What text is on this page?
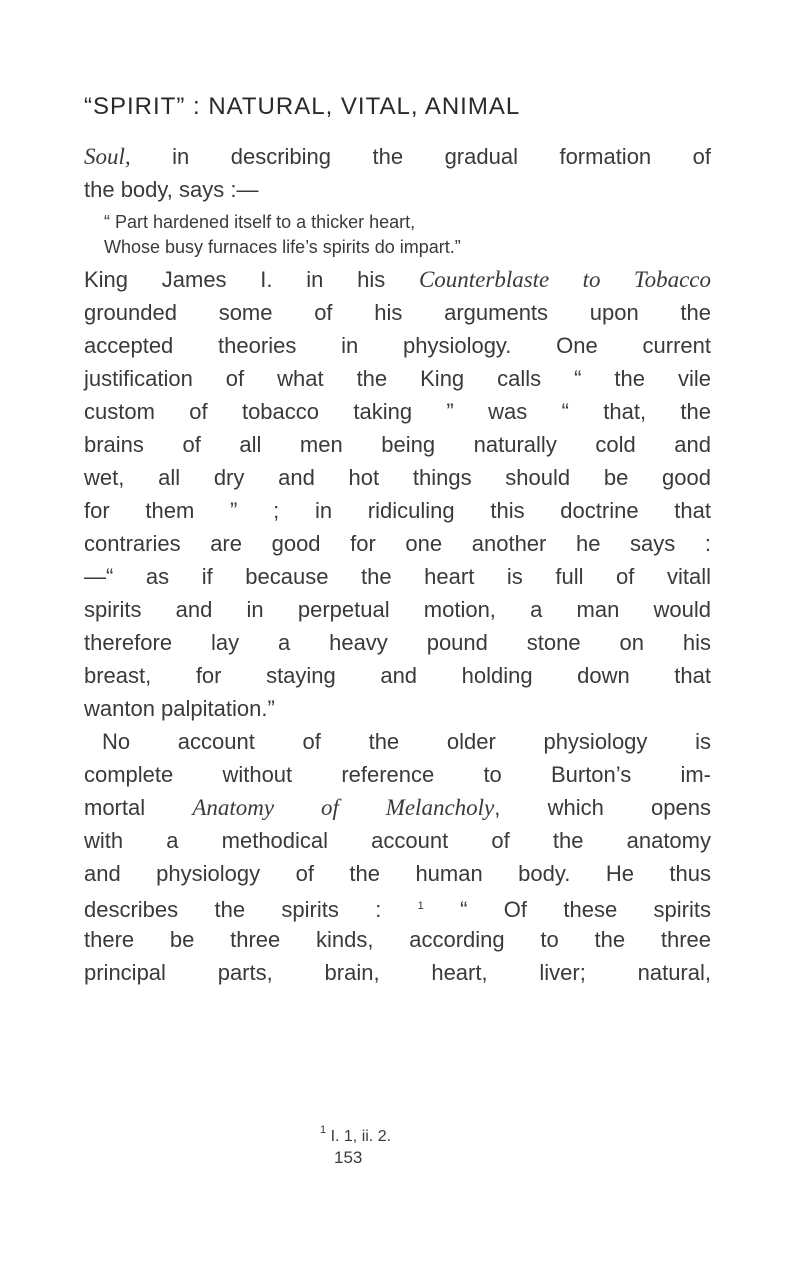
“SPIRIT” : NATURAL, VITAL, ANIMAL
Soul, in describing the gradual formation of
the body, says :—
“ Part hardened itself to a thicker heart,
Whose busy furnaces life’s spirits do impart.”
King James I. in his Counterblaste to Tobacco
grounded some of his arguments upon the
accepted theories in physiology. One current
justification of what the King calls “ the vile
custom of tobacco taking ” was “ that, the
brains of all men being naturally cold and
wet, all dry and hot things should be good
for them ” ; in ridiculing this doctrine that
contraries are good for one another he says :
—“ as if because the heart is full of vitall
spirits and in perpetual motion, a man would
therefore lay a heavy pound stone on his
breast, for staying and holding down that
wanton palpitation.”
No account of the older physiology is
complete without reference to Burton’s im-
mortal Anatomy of Melancholy, which opens
with a methodical account of the anatomy
and physiology of the human body. He thus
describes the spirits : $^1$ “ Of these spirits
there be three kinds, according to the three
principal parts, brain, heart, liver; natural,
$^1$ I. 1, ii. 2.
153
